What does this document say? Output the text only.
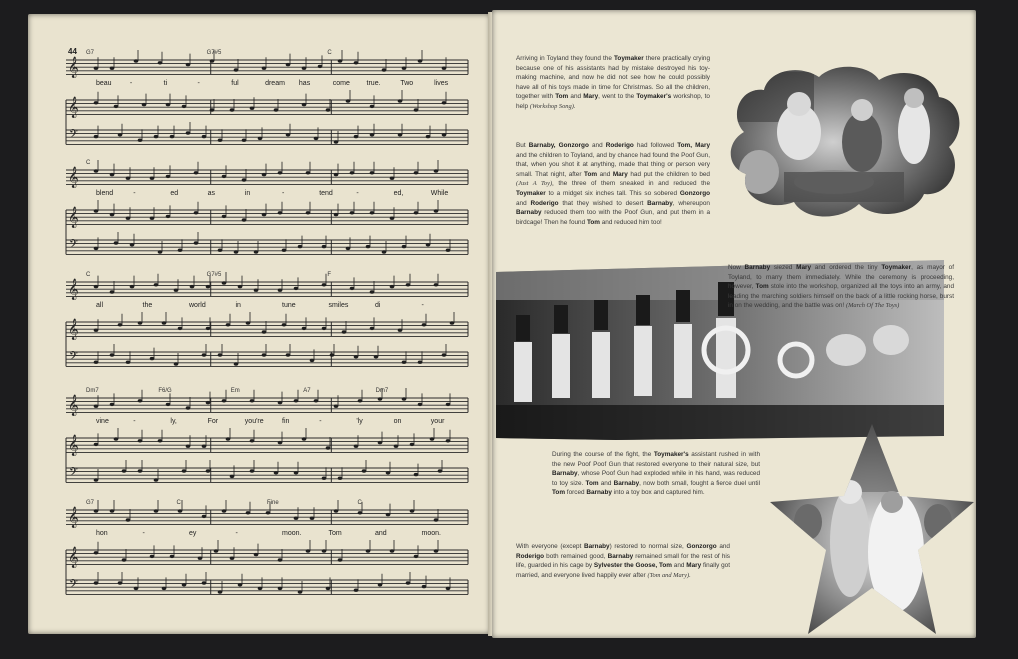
44
𝄞
𝄞
𝄢
G7	G7#5	C
beau	-	ti	-	ful	dream has	come true.	Two	lives
𝄞
𝄞
𝄢
C
blend	-	ed	as	in	-	tend	-	ed,	While
𝄞
𝄞
𝄢
C	G7#5	F
all	the	world	in	tune	smiles	di	-
𝄞
𝄞
𝄢
Dm7	F6/G	Em	A7	Dm7
vine	-	ly,	For	you're	fin	-	'ly	on	your
𝄞
𝄞
𝄢
G7	C	Fine	C
hon	-	ey	-	moon.	Tom	and	moon.

Arriving in Toyland they found the Toymaker there practically crying because one of his assistants had by mistake destroyed his toy-making machine, and now he did not see how he could possibly have all of his toys made in time for Christmas. So all the children, together with Tom and Mary, went to the Toymaker's workshop, to help (Workshop Song).

But Barnaby, Gonzorgo and Roderigo had followed Tom, Mary and the children to Toyland, and by chance had found the Poof Gun, that, when you shot it at anything, made that thing or person very small. That night, after Tom and Mary had put the children to bed (Just A Toy), the three of them sneaked in and reduced the Toymaker to a midget six inches tall. This so sobered Gonzorgo and Roderigo that they wished to desert Barnaby, whereupon Barnaby reduced them too with the Poof Gun, and put them in a birdcage! Then he found Tom and reduced him too!

Now Barnaby siezed Mary and ordered the tiny Toymaker, as mayor of Toyland, to marry them immediately. While the ceremony is proceeding, however, Tom stole into the workshop, organized all the toys into an army, and leading the marching soldiers himself on the back of a little rocking horse, burst in on the wedding, and the battle was on! (March Of The Toys)

During the course of the fight, the Toymaker's assistant rushed in with the new Poof Poof Gun that restored everyone to their natural size, but Barnaby, whose Poof Gun had exploded while in his hand, was reduced to toy size. Tom and Barnaby, now both small, fought a fierce duel until Tom forced Barnaby into a toy box and captured him.

With everyone (except Barnaby) restored to normal size, Gonzorgo and Roderigo both remained good, Barnaby remained small for the rest of his life, guarded in his cage by Sylvester the Goose, Tom and Mary finally got married, and everyone lived happily ever after (Tom and Mary).
